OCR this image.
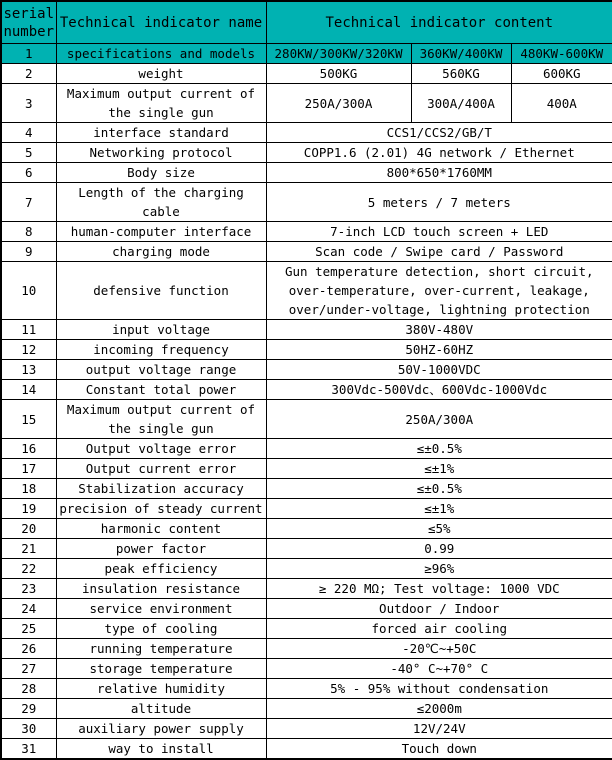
serial number	Technical indicator name	Technical indicator content		
1	specifications and models	280KW/300KW/320KW	360KW/400KW	480KW-600KW
2	weight	500KG	560KG	600KG
3	Maximum output current of the single gun	250A/300A	300A/400A	400A
4	interface standard	CCS1/CCS2/GB/T		
5	Networking protocol	COPP1.6 (2.01) 4G network / Ethernet		
6	Body size	800*650*1760MM		
7	Length of the charging cable	5 meters / 7 meters		
8	human-computer interface	7-inch LCD touch screen + LED		
9	charging mode	Scan code / Swipe card / Password		
10	defensive function	Gun temperature detection, short circuit, over-temperature, over-current, leakage, over/under-voltage, lightning protection		
11	input voltage	380V-480V		
12	incoming frequency	50HZ-60HZ		
13	output voltage range	50V-1000VDC		
14	Constant total power	300Vdc-500Vdc、600Vdc-1000Vdc		
15	Maximum output current of the single gun	250A/300A		
16	Output voltage error	≤±0.5%		
17	Output current error	≤±1%		
18	Stabilization accuracy	≤±0.5%		
19	precision of steady current	≤±1%		
20	harmonic content	≤5%		
21	power factor	0.99		
22	peak efficiency	≥96%		
23	insulation resistance	≥ 220 MΩ; Test voltage: 1000 VDC		
24	service environment	Outdoor / Indoor		
25	type of cooling	forced air cooling		
26	running temperature	-20℃~+50C		
27	storage temperature	-40° C~+70° C		
28	relative humidity	5% - 95% without condensation		
29	altitude	≤2000m		
30	auxiliary power supply	12V/24V		
31	way to install	Touch down		
